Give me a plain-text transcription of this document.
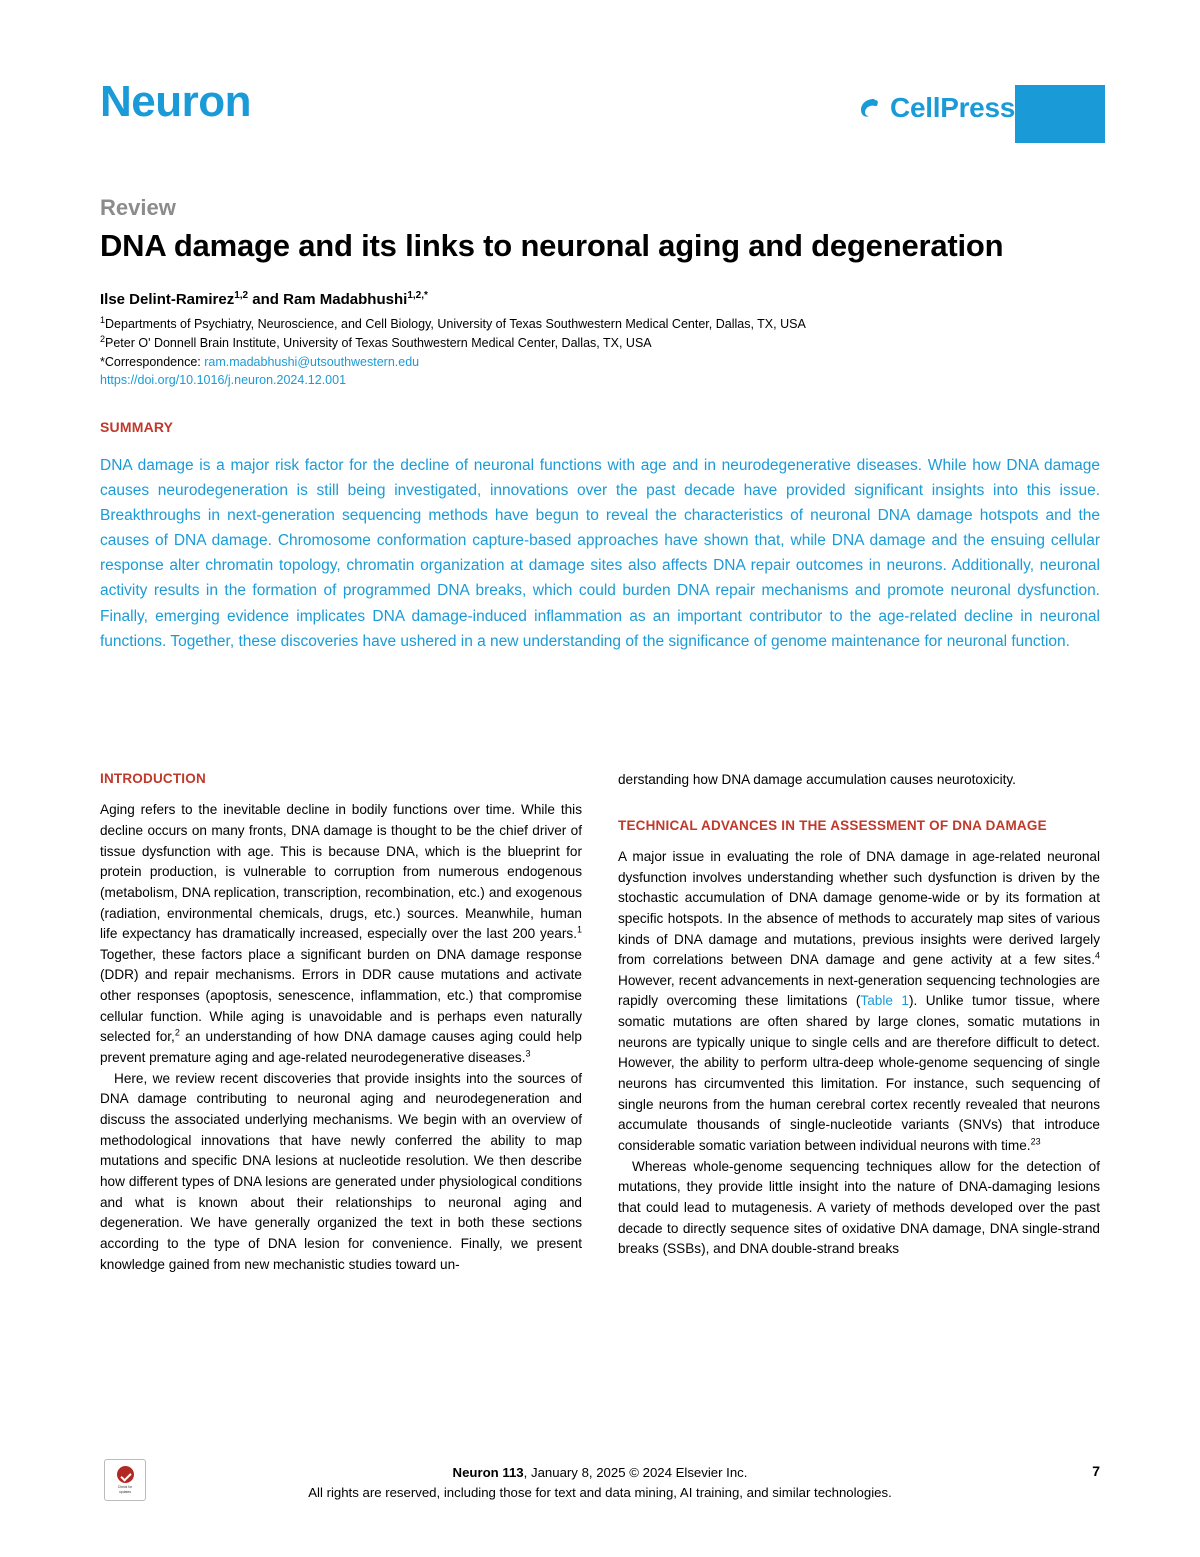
Neuron	CellPress
Review
DNA damage and its links to neuronal aging and degeneration
Ilse Delint-Ramirez$^{1,2}$ and Ram Madabhushi$^{1,2,*}$
$^1$Departments of Psychiatry, Neuroscience, and Cell Biology, University of Texas Southwestern Medical Center, Dallas, TX, USA
$^2$Peter O' Donnell Brain Institute, University of Texas Southwestern Medical Center, Dallas, TX, USA
*Correspondence: ram.madabhushi@utsouthwestern.edu
https://doi.org/10.1016/j.neuron.2024.12.001
SUMMARY
DNA damage is a major risk factor for the decline of neuronal functions with age and in neurodegenerative diseases. While how DNA damage causes neurodegeneration is still being investigated, innovations over the past decade have provided significant insights into this issue. Breakthroughs in next-generation sequencing methods have begun to reveal the characteristics of neuronal DNA damage hotspots and the causes of DNA damage. Chromosome conformation capture-based approaches have shown that, while DNA damage and the ensuing cellular response alter chromatin topology, chromatin organization at damage sites also affects DNA repair outcomes in neurons. Additionally, neuronal activity results in the formation of programmed DNA breaks, which could burden DNA repair mechanisms and promote neuronal dysfunction. Finally, emerging evidence implicates DNA damage-induced inflammation as an important contributor to the age-related decline in neuronal functions. Together, these discoveries have ushered in a new understanding of the significance of genome maintenance for neuronal function.
INTRODUCTION

Aging refers to the inevitable decline in bodily functions over time. While this decline occurs on many fronts, DNA damage is thought to be the chief driver of tissue dysfunction with age. This is because DNA, which is the blueprint for protein production, is vulnerable to corruption from numerous endogenous (metabolism, DNA replication, transcription, recombination, etc.) and exogenous (radiation, environmental chemicals, drugs, etc.) sources. Meanwhile, human life expectancy has dramatically increased, especially over the last 200 years.$^1$ Together, these factors place a significant burden on DNA damage response (DDR) and repair mechanisms. Errors in DDR cause mutations and activate other responses (apoptosis, senescence, inflammation, etc.) that compromise cellular function. While aging is unavoidable and is perhaps even naturally selected for,$^2$ an understanding of how DNA damage causes aging could help prevent premature aging and age-related neurodegenerative diseases.$^3$

Here, we review recent discoveries that provide insights into the sources of DNA damage contributing to neuronal aging and neurodegeneration and discuss the associated underlying mechanisms. We begin with an overview of methodological innovations that have newly conferred the ability to map mutations and specific DNA lesions at nucleotide resolution. We then describe how different types of DNA lesions are generated under physiological conditions and what is known about their relationships to neuronal aging and degeneration. We have generally organized the text in both these sections according to the type of DNA lesion for convenience. Finally, we present knowledge gained from new mechanistic studies toward un-

derstanding how DNA damage accumulation causes neurotoxicity.

TECHNICAL ADVANCES IN THE ASSESSMENT OF DNA DAMAGE

A major issue in evaluating the role of DNA damage in age-related neuronal dysfunction involves understanding whether such dysfunction is driven by the stochastic accumulation of DNA damage genome-wide or by its formation at specific hotspots. In the absence of methods to accurately map sites of various kinds of DNA damage and mutations, previous insights were derived largely from correlations between DNA damage and gene activity at a few sites.$^4$ However, recent advancements in next-generation sequencing technologies are rapidly overcoming these limitations (Table 1). Unlike tumor tissue, where somatic mutations are often shared by large clones, somatic mutations in neurons are typically unique to single cells and are therefore difficult to detect. However, the ability to perform ultra-deep whole-genome sequencing of single neurons has circumvented this limitation. For instance, such sequencing of single neurons from the human cerebral cortex recently revealed that neurons accumulate thousands of single-nucleotide variants (SNVs) that introduce considerable somatic variation between individual neurons with time.$^{23}$

Whereas whole-genome sequencing techniques allow for the detection of mutations, they provide little insight into the nature of DNA-damaging lesions that could lead to mutagenesis. A variety of methods developed over the past decade to directly sequence sites of oxidative DNA damage, DNA single-strand breaks (SSBs), and DNA double-strand breaks

Check for
updates
Neuron 113, January 8, 2025 © 2024 Elsevier Inc.
All rights are reserved, including those for text and data mining, AI training, and similar technologies.
7
